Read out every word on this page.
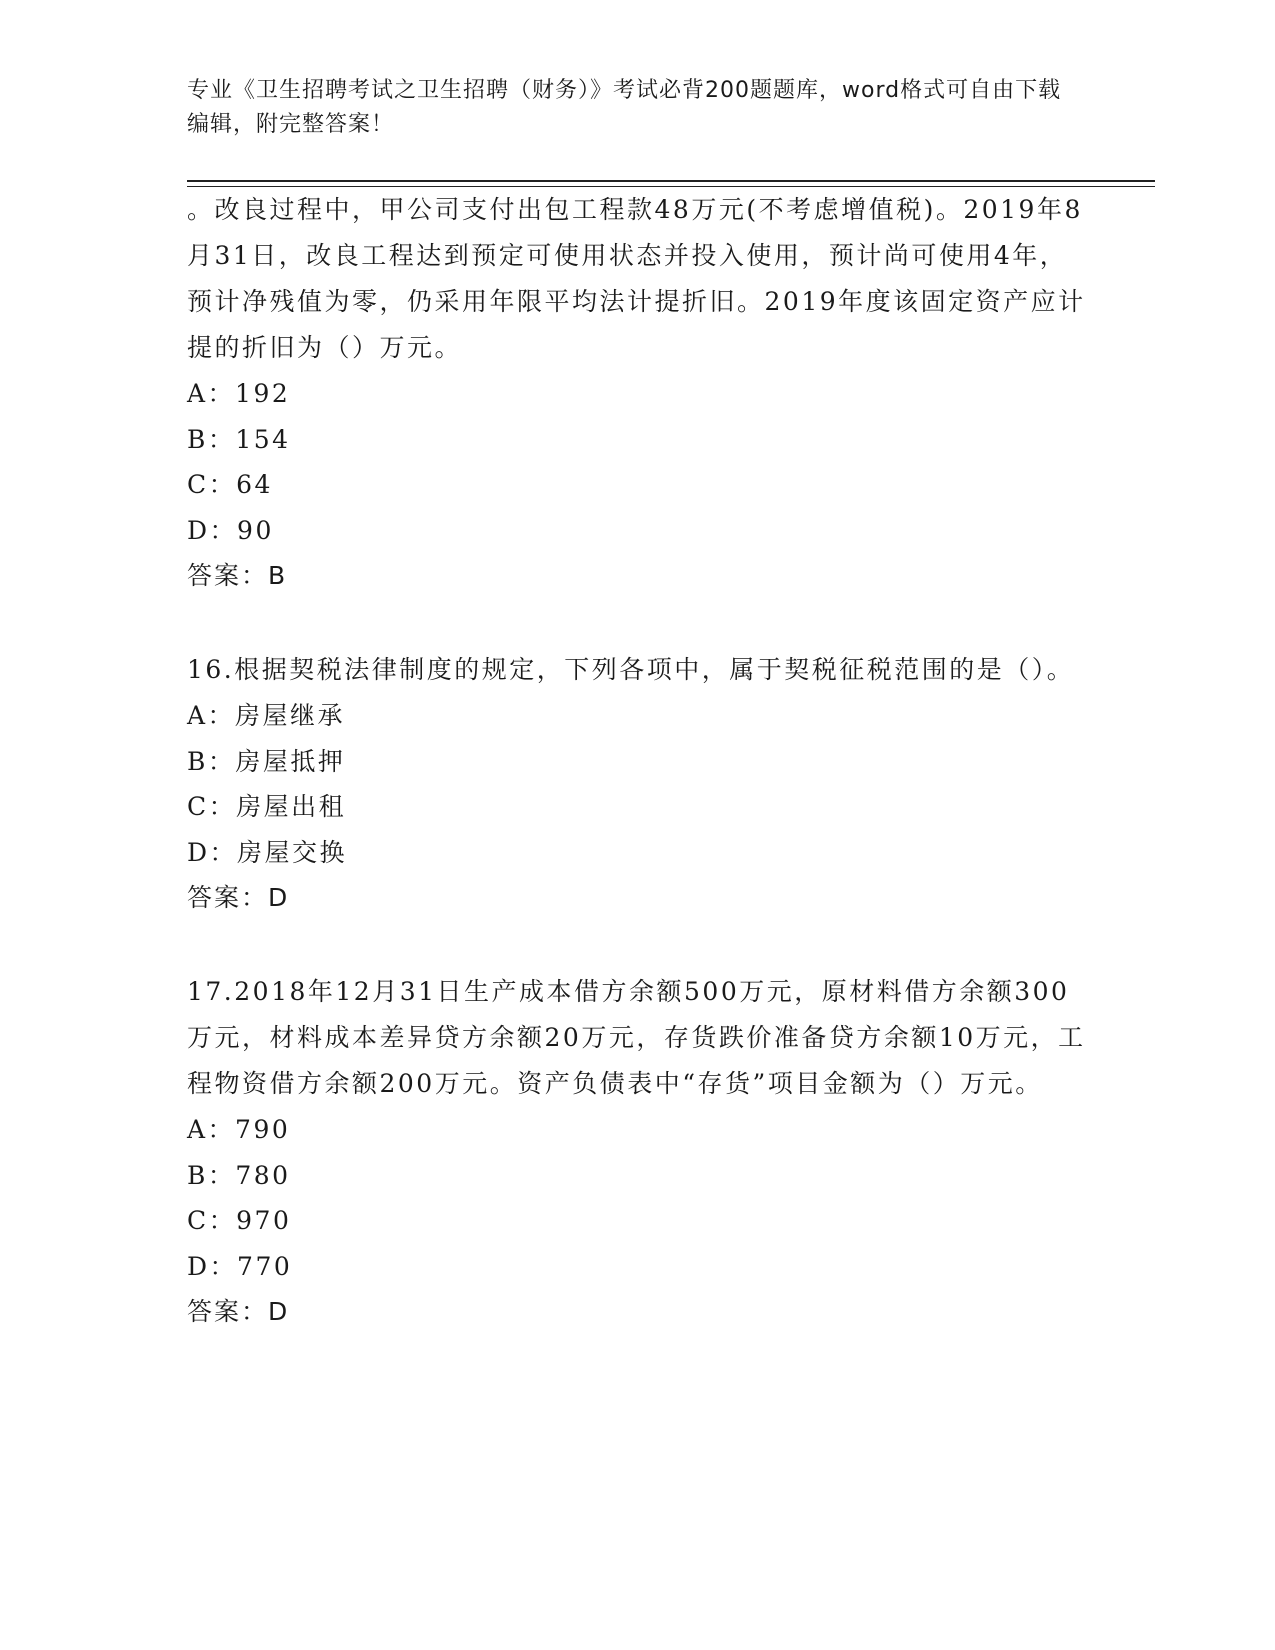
专业《卫生招聘考试之卫生招聘（财务）》考试必背200题题库，word格式可自由下载编辑，附完整答案！

。改良过程中，甲公司支付出包工程款48万元(不考虑增值税)。2019年8月31日，改良工程达到预定可使用状态并投入使用，预计尚可使用4年，预计净残值为零，仍采用年限平均法计提折旧。2019年度该固定资产应计提的折旧为（）万元。

A：192

B：154

C：64

D：90

答案：B

16.根据契税法律制度的规定，下列各项中，属于契税征税范围的是（）。

A：房屋继承

B：房屋抵押

C：房屋出租

D：房屋交换

答案：D

17.2018年12月31日生产成本借方余额500万元，原材料借方余额300万元，材料成本差异贷方余额20万元，存货跌价准备贷方余额10万元，工程物资借方余额200万元。资产负债表中“存货”项目金额为（）万元。

A：790

B：780

C：970

D：770

答案：D
